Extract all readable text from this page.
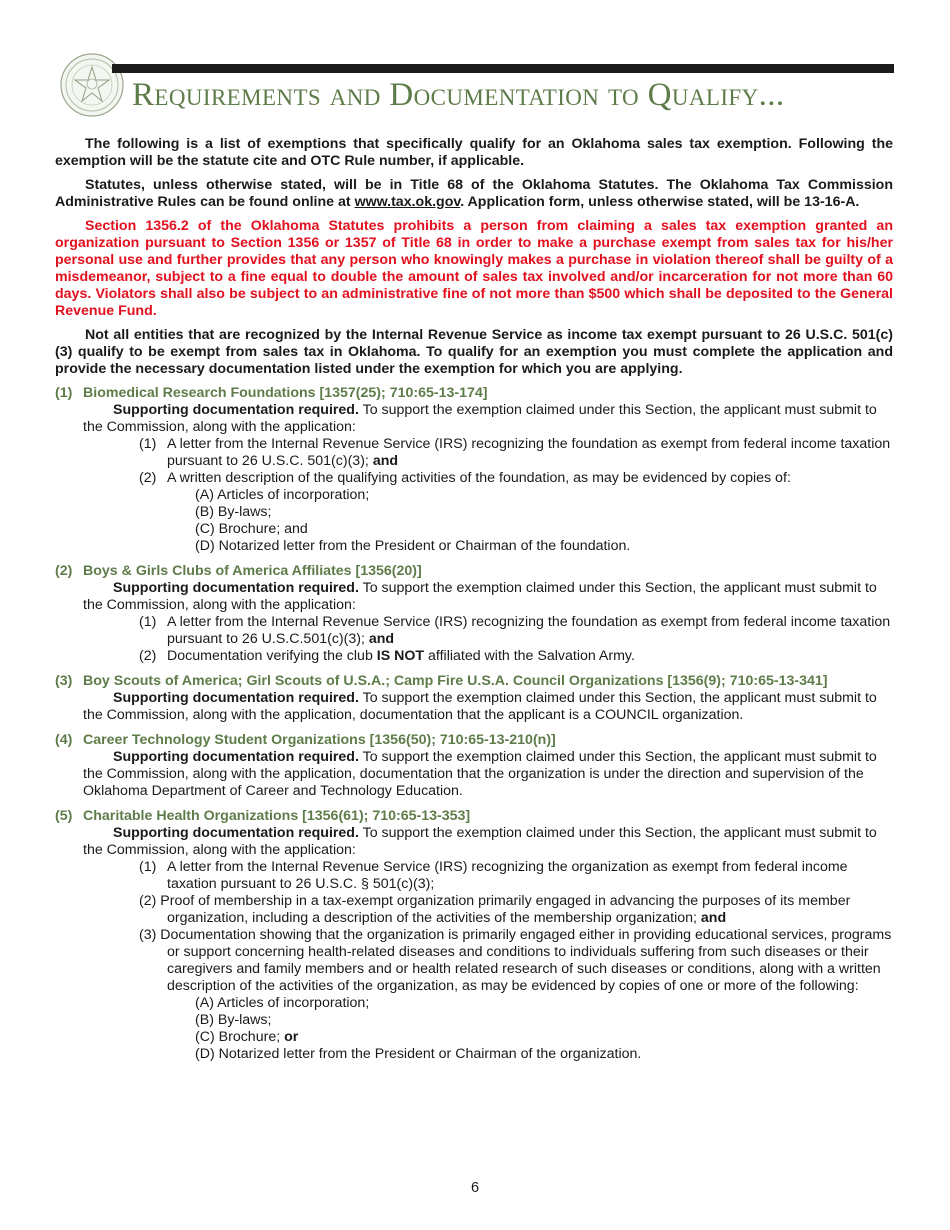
Requirements and Documentation to Qualify...

The following is a list of exemptions that specifically qualify for an Oklahoma sales tax exemption. Following the exemption will be the statute cite and OTC Rule number, if applicable.

Statutes, unless otherwise stated, will be in Title 68 of the Oklahoma Statutes. The Oklahoma Tax Commission Administrative Rules can be found online at www.tax.ok.gov. Application form, unless otherwise stated, will be 13-16-A.

Section 1356.2 of the Oklahoma Statutes prohibits a person from claiming a sales tax exemption granted an organization pursuant to Section 1356 or 1357 of Title 68 in order to make a purchase exempt from sales tax for his/her personal use and further provides that any person who knowingly makes a purchase in violation thereof shall be guilty of a misdemeanor, subject to a fine equal to double the amount of sales tax involved and/or incarceration for not more than 60 days. Violators shall also be subject to an administrative fine of not more than $500 which shall be deposited to the General Revenue Fund.

Not all entities that are recognized by the Internal Revenue Service as income tax exempt pursuant to 26 U.S.C. 501(c)(3) qualify to be exempt from sales tax in Oklahoma. To qualify for an exemption you must complete the application and provide the necessary documentation listed under the exemption for which you are applying.

(1) Biomedical Research Foundations [1357(25); 710:65-13-174]

Supporting documentation required. To support the exemption claimed under this Section, the applicant must submit to the Commission, along with the application:

(1) A letter from the Internal Revenue Service (IRS) recognizing the foundation as exempt from federal income taxation pursuant to 26 U.S.C. 501(c)(3); and

(2) A written description of the qualifying activities of the foundation, as may be evidenced by copies of:

(A) Articles of incorporation;

(B) By-laws;

(C) Brochure; and

(D) Notarized letter from the President or Chairman of the foundation.

(2) Boys & Girls Clubs of America Affiliates [1356(20)]

Supporting documentation required. To support the exemption claimed under this Section, the applicant must submit to the Commission, along with the application:

(1) A letter from the Internal Revenue Service (IRS) recognizing the foundation as exempt from federal income taxation pursuant to 26 U.S.C.501(c)(3); and

(2) Documentation verifying the club IS NOT affiliated with the Salvation Army.

(3) Boy Scouts of America; Girl Scouts of U.S.A.; Camp Fire U.S.A. Council Organizations [1356(9); 710:65-13-341]

Supporting documentation required. To support the exemption claimed under this Section, the applicant must submit to the Commission, along with the application, documentation that the applicant is a COUNCIL organization.

(4) Career Technology Student Organizations [1356(50); 710:65-13-210(n)]

Supporting documentation required. To support the exemption claimed under this Section, the applicant must submit to the Commission, along with the application, documentation that the organization is under the direction and supervision of the Oklahoma Department of Career and Technology Education.

(5) Charitable Health Organizations [1356(61); 710:65-13-353]

Supporting documentation required. To support the exemption claimed under this Section, the applicant must submit to the Commission, along with the application:

(1) A letter from the Internal Revenue Service (IRS) recognizing the organization as exempt from federal income taxation pursuant to 26 U.S.C. § 501(c)(3);

(2) Proof of membership in a tax-exempt organization primarily engaged in advancing the purposes of its member organization, including a description of the activities of the membership organization; and

(3) Documentation showing that the organization is primarily engaged either in providing educational services, programs or support concerning health-related diseases and conditions to individuals suffering from such diseases or their caregivers and family members and or health related research of such diseases or conditions, along with a written description of the activities of the organization, as may be evidenced by copies of one or more of the following:

(A) Articles of incorporation;

(B) By-laws;

(C) Brochure; or

(D) Notarized letter from the President or Chairman of the organization.

6
